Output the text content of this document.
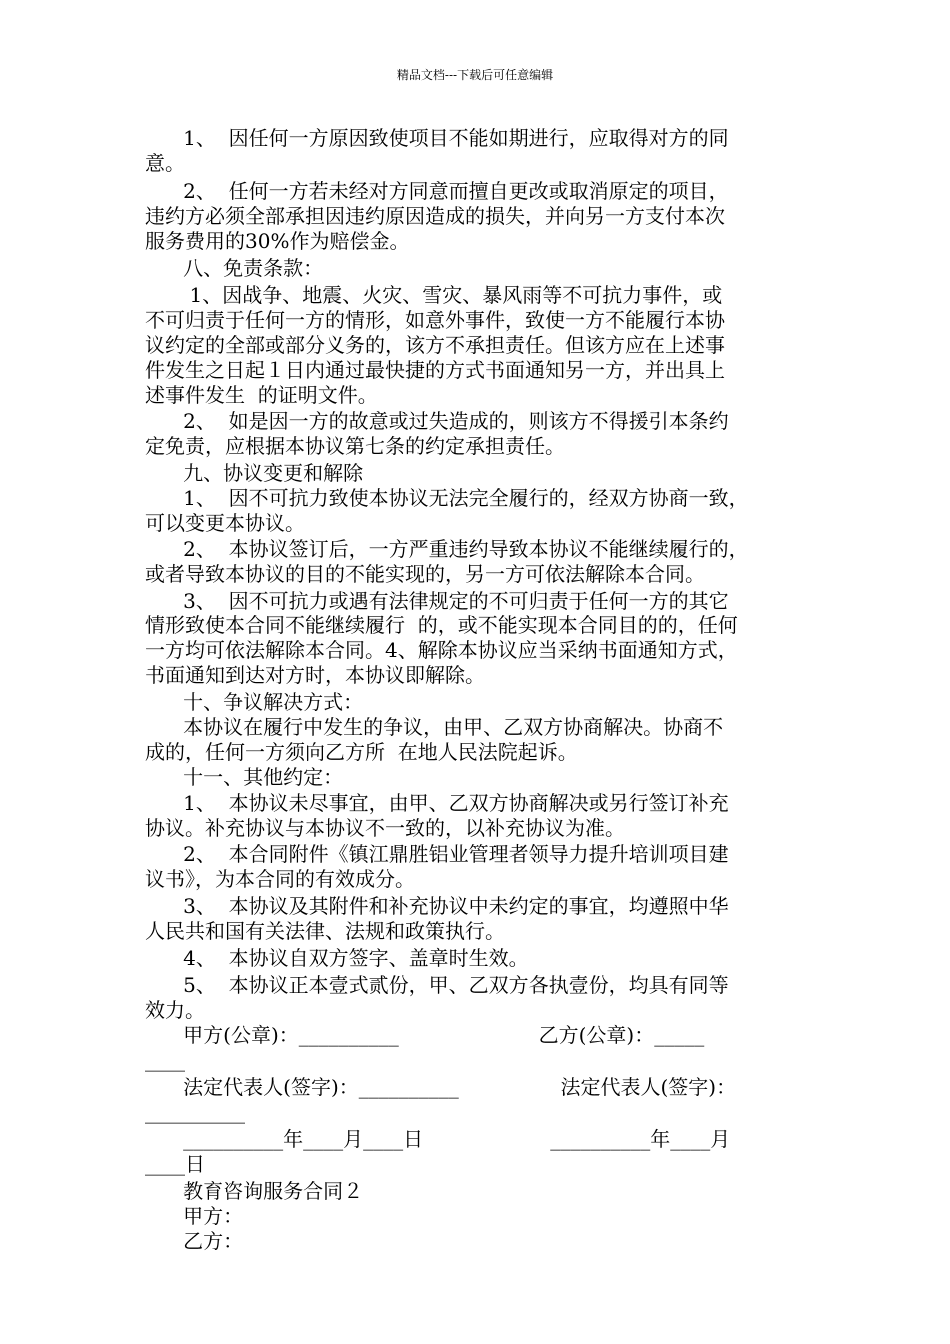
精品文档---下载后可任意编辑
1、  因任何一方原因致使项目不能如期进行，应取得对方的同
意。
2、  任何一方若未经对方同意而擅自更改或取消原定的项目，
违约方必须全部承担因违约原因造成的损失，并向另一方支付本次
服务费用的30%作为赔偿金。
八、免责条款：
1、因战争、地震、火灾、雪灾、暴风雨等不可抗力事件，或
不可归责于任何一方的情形，如意外事件，致使一方不能履行本协
议约定的全部或部分义务的，该方不承担责任。但该方应在上述事
件发生之日起１日内通过最快捷的方式书面通知另一方，并出具上
述事件发生  的证明文件。
2、  如是因一方的故意或过失造成的，则该方不得援引本条约
定免责，应根据本协议第七条的约定承担责任。
九、协议变更和解除
1、  因不可抗力致使本协议无法完全履行的，经双方协商一致，
可以变更本协议。
2、  本协议签订后，一方严重违约导致本协议不能继续履行的，
或者导致本协议的目的不能实现的，另一方可依法解除本合同。
3、  因不可抗力或遇有法律规定的不可归责于任何一方的其它
情形致使本合同不能继续履行  的，或不能实现本合同目的的，任何
一方均可依法解除本合同。4、解除本协议应当采纳书面通知方式，
书面通知到达对方时，本协议即解除。
十、争议解决方式：
本协议在履行中发生的争议，由甲、乙双方协商解决。协商不
成的，任何一方须向乙方所  在地人民法院起诉。
十一、其他约定：
1、  本协议未尽事宜，由甲、乙双方协商解决或另行签订补充
协议。补充协议与本协议不一致的，以补充协议为准。
2、  本合同附件《镇江鼎胜铝业管理者领导力提升培训项目建
议书》，为本合同的有效成分。
3、  本协议及其附件和补充协议中未约定的事宜，均遵照中华
人民共和国有关法律、法规和政策执行。
4、  本协议自双方签字、盖章时生效。
5、  本协议正本壹式贰份，甲、乙双方各执壹份，均具有同等
效力。
甲方(公章)：__________                      乙方(公章)：_____
____
法定代表人(签字)：__________                法定代表人(签字)：
__________
__________年____月____日                    __________年____月
____日
教育咨询服务合同２
甲方：
乙方：
